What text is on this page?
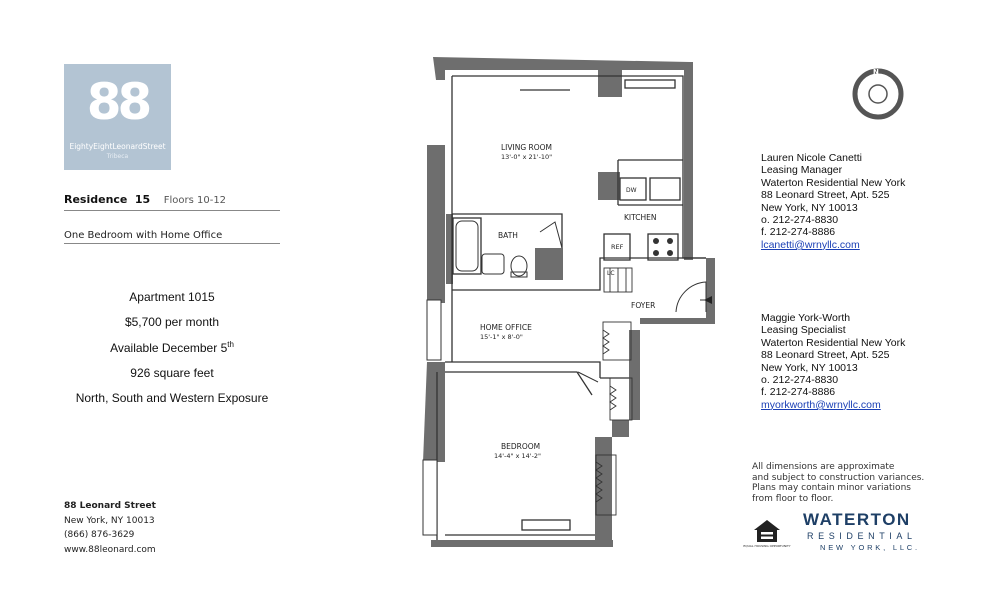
88
EightyEightLeonardStreet
Tribeca
Residence 15 Floors 10-12
One Bedroom with Home Office
Apartment 1015
$5,700 per month
Available December 5th
926 square feet
North, South and Western Exposure
88 Leonard Street
New York, NY 10013
(866) 876-3629
www.88leonard.com
LIVING ROOM
13'-0" x 21'-10"
KITCHEN
BATH
FOYER
HOME OFFICE
15'-1" x 8'-0"
BEDROOM
14'-4" x 14'-2"
DW
REF
LC
N
Lauren Nicole Canetti
Leasing Manager
Waterton Residential New York
88 Leonard Street, Apt. 525
New York, NY 10013
o. 212-274-8830
f. 212-274-8886
lcanetti@wrnyllc.com
Maggie York-Worth
Leasing Specialist
Waterton Residential New York
88 Leonard Street, Apt. 525
New York, NY 10013
o. 212-274-8830
f. 212-274-8886
myorkworth@wrnyllc.com
All dimensions are approximate
and subject to construction variances.
Plans may contain minor variations
from floor to floor.
EQUAL HOUSING OPPORTUNITY
WATERTON
RESIDENTIAL
NEW YORK, LLC.
